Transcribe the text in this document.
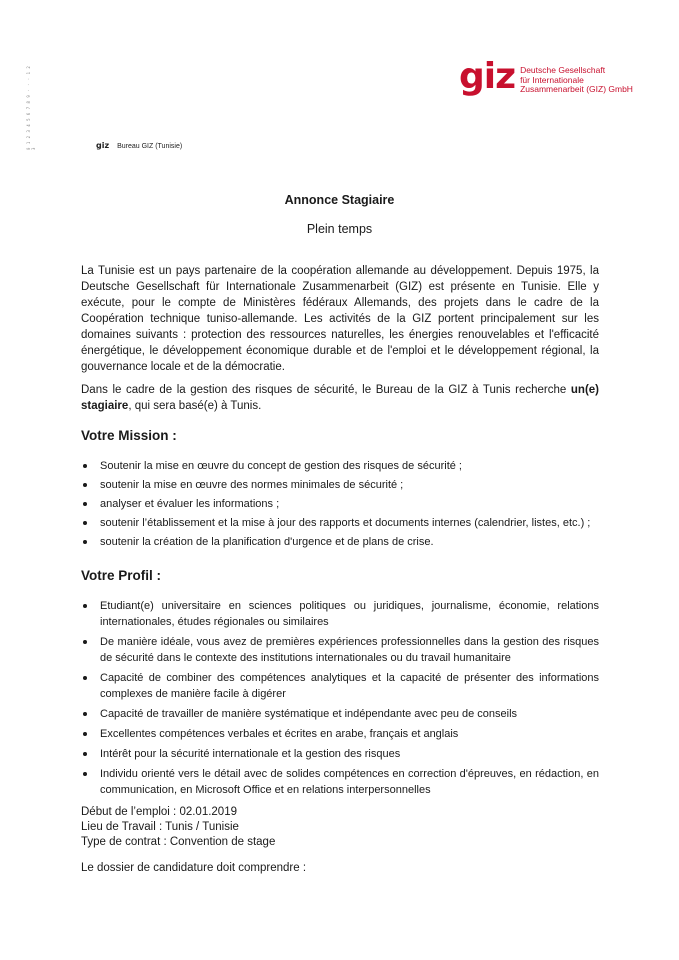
0 1 2 3 4 5 6 7 8 9 · · · 1 2 3
giz Deutsche Gesellschaft
für Internationale
Zusammenarbeit (GIZ) GmbH
giz Bureau GIZ (Tunisie)
Annonce Stagiaire
Plein temps
La Tunisie est un pays partenaire de la coopération allemande au développement. Depuis 1975, la Deutsche Gesellschaft für Internationale Zusammenarbeit (GIZ) est présente en Tunisie. Elle y exécute, pour le compte de Ministères fédéraux Allemands, des projets dans le cadre de la Coopération technique tuniso-allemande. Les activités de la GIZ portent principalement sur les domaines suivants : protection des ressources naturelles, les énergies renouvelables et l'efficacité énergétique, le développement économique durable et de l'emploi et le développement régional, la gouvernance locale et de la démocratie.
Dans le cadre de la gestion des risques de sécurité, le Bureau de la GIZ à Tunis recherche un(e) stagiaire, qui sera basé(e) à Tunis.
Votre Mission :
Soutenir la mise en œuvre du concept de gestion des risques de sécurité ;
soutenir la mise en œuvre des normes minimales de sécurité ;
analyser et évaluer les informations ;
soutenir l’établissement et la mise à jour des rapports et documents internes (calendrier, listes, etc.) ;
soutenir la création de la planification d'urgence et de plans de crise.
Votre Profil :
Etudiant(e) universitaire en sciences politiques ou juridiques, journalisme, économie, relations internationales, études régionales ou similaires
De manière idéale, vous avez de premières expériences professionnelles dans la gestion des risques de sécurité dans le contexte des institutions internationales ou du travail humanitaire
Capacité de combiner des compétences analytiques et la capacité de présenter des informations complexes de manière facile à digérer
Capacité de travailler de manière systématique et indépendante avec peu de conseils
Excellentes compétences verbales et écrites en arabe, français et anglais
Intérêt pour la sécurité internationale et la gestion des risques
Individu orienté vers le détail avec de solides compétences en correction d'épreuves, en rédaction, en communication, en Microsoft Office et en relations interpersonnelles
Début de l’emploi : 02.01.2019
Lieu de Travail : Tunis / Tunisie
Type de contrat : Convention de stage
Le dossier de candidature doit comprendre :
